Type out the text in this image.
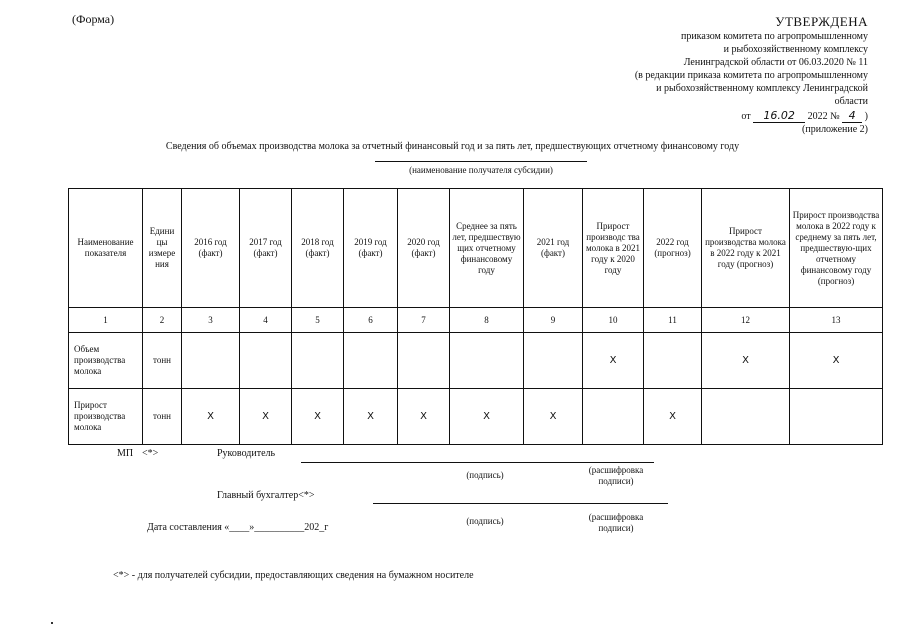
(Форма)	УТВЕРЖДЕНА
приказом комитета по агропромышленному
и рыбохозяйственному комплексу
Ленинградской области от 06.03.2020 № 11
(в редакции приказа комитета по агропромышленному
и рыбохозяйственному комплексу Ленинградской
области
от 16.02 2022 № 4 )
(приложение 2)
Сведения об объемах производства молока за отчетный финансовый год и за пять лет, предшествующих отчетному финансовому году
(наименование получателя субсидии)
Наименование показателя	Едини цы измере ния	2016 год (факт)	2017 год (факт)	2018 год (факт)	2019 год (факт)	2020 год (факт)	Среднее за пять лет, предшествую щих отчетному финансовому году	2021 год (факт)	Прирост производс тва молока в 2021 году к 2020 году	2022 год (прогноз)	Прирост производства молока в 2022 году к 2021 году (прогноз)	Прирост производства молока в 2022 году к среднему за пять лет, предшествую-щих отчетному финансовому году (прогноз)
1	2	3	4	5	6	7	8	9	10	11	12	13
Объем производства молока	тонн								X		X	X
Прирост производства молока	тонн	X	X	X	X	X	X	X		X		
МП <*>	Руководитель
(подпись)	(расшифровка подписи)
Главный бухгалтер<*>
(подпись)	(расшифровка подписи)
Дата составления «____»__________202_г
<*> - для получателей субсидии, предоставляющих сведения на бумажном носителе
